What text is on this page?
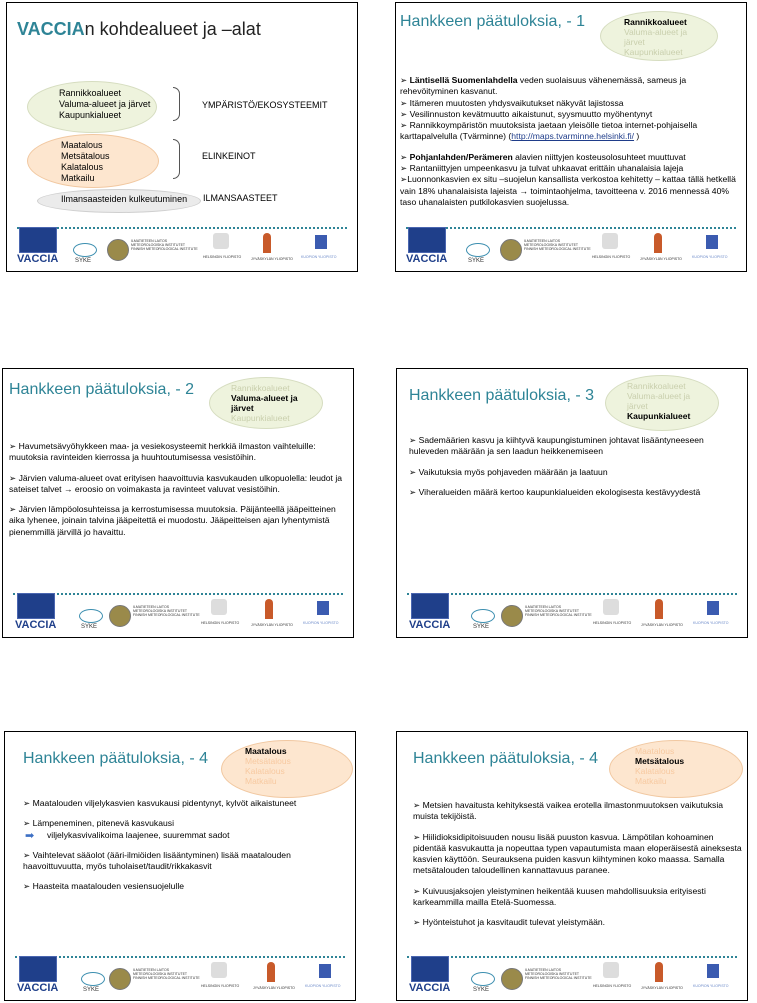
VACCIAn kohdealueet ja –alat
Rannikkoalueet
Valuma-alueet ja järvet
Kaupunkialueet
YMPÄRISTÖ/EKOSYSTEEMIT
Maatalous
Metsätalous
Kalatalous
Matkailu
ELINKEINOT
Ilmansaasteiden kulkeutuminen ILMANSAASTEET
VACCIA	SYKE
ILMATIETEEN LAITOS
METEOROLOGISKA INSTITUTET
FINNISH METEOROLOGICAL INSTITUTE
HELSINGIN YLIOPISTO	JYVÄSKYLÄN YLIOPISTO KUOPION YLIOPISTO
Hankkeen päätuloksia, - 1	Rannikkoalueet
Valuma-alueet ja
järvet
Kaupunkialueet

➢ Läntisellä Suomenlahdella veden suolaisuus vähenemässä, sameus ja rehevöityminen kasvanut.

➢ Itämeren muutosten yhdysvaikutukset näkyvät lajistossa

➢ Vesilinnuston kevätmuutto aikaistunut, syysmuutto myöhentynyt

➢ Rannikkoympäristön muutoksista jaetaan yleisölle tietoa internet-pohjaisella karttapalvelulla (Tvärminne) (http://maps.tvarminne.helsinki.fi/ )

➢ Pohjanlahden/Perämeren alavien niittyjen kosteusolosuhteet muuttuvat

➢ Rantaniittyjen umpeenkasvu ja tulvat uhkaavat erittäin uhanalaisia lajeja

➢Luonnonkasvien ex situ –suojelun kansallista verkostoa kehitetty – kattaa tällä hetkellä vain 18% uhanalaisista lajeista → toimintaohjelma, tavoitteena v. 2016 mennessä 40% taso uhanalaisten putkilokasvien suojelussa.

VACCIA	SYKE
ILMATIETEEN LAITOS
METEOROLOGISKA INSTITUTET
FINNISH METEOROLOGICAL INSTITUTE
HELSINGIN YLIOPISTO	JYVÄSKYLÄN YLIOPISTO	KUOPION YLIOPISTO
Hankkeen päätuloksia, - 2	Rannikkoalueet
Valuma-alueet ja
järvet
Kaupunkialueet

➢ Havumetsävyöhykkeen maa- ja vesiekosysteemit herkkiä ilmaston vaihteluille: muutoksia ravinteiden kierrossa ja huuhtoutumisessa vesistöihin.

➢ Järvien valuma-alueet ovat erityisen haavoittuvia kasvukauden ulkopuolella: leudot ja sateiset talvet → eroosio on voimakasta ja ravinteet valuvat vesistöihin.

➢ Järvien lämpöolosuhteissa ja kerrostumisessa muutoksia. Päijänteellä jääpeitteinen aika lyhenee, joinain talvina jääpeitettä ei muodostu. Jääpeitteisen ajan lyhentymistä pienemmillä järvillä jo havaittu.

VACCIA	SYKE
ILMATIETEEN LAITOS
METEOROLOGISKA INSTITUTET
FINNISH METEOROLOGICAL INSTITUTE
HELSINGIN YLIOPISTO	JYVÄSKYLÄN YLIOPISTO	KUOPION YLIOPISTO
Hankkeen päätuloksia, - 3
Rannikkoalueet
Valuma-alueet ja
järvet
Kaupunkialueet

➢ Sademäärien kasvu ja kiihtyvä kaupungistuminen johtavat lisääntyneeseen huleveden määrään ja sen laadun heikkenemiseen

➢ Vaikutuksia myös pohjaveden määrään ja laatuun

➢ Viheralueiden määrä kertoo kaupunkialueiden ekologisesta kestävyydestä

VACCIA	SYKE
ILMATIETEEN LAITOS
METEOROLOGISKA INSTITUTET
FINNISH METEOROLOGICAL INSTITUTE
HELSINGIN YLIOPISTO	JYVÄSKYLÄN YLIOPISTO	KUOPION YLIOPISTO
Hankkeen päätuloksia, - 4	Maatalous
Metsätalous
Kalatalous
Matkailu

➢ Maatalouden viljelykasvien kasvukausi pidentynyt, kylvöt aikaistuneet

➢ Lämpeneminen, pitenevä kasvukausi

➡ viljelykasvivalikoima laajenee, suuremmat sadot

➢ Vaihtelevat sääolot (ääri-ilmiöiden lisääntyminen) lisää maatalouden haavoittuvuutta, myös tuholaiset/taudit/rikkakasvit

➢ Haasteita maatalouden vesiensuojelulle

VACCIA	SYKE
ILMATIETEEN LAITOS
METEOROLOGISKA INSTITUTET
FINNISH METEOROLOGICAL INSTITUTE
HELSINGIN YLIOPISTO	JYVÄSKYLÄN YLIOPISTO	KUOPION YLIOPISTO
Hankkeen päätuloksia, - 4	Maatalous
Metsätalous
Kalatalous
Matkailu

➢ Metsien havaitusta kehityksestä vaikea erotella ilmastonmuutoksen vaikutuksia muista tekijöistä.

➢ Hiilidioksidipitoisuuden nousu lisää puuston kasvua. Lämpötilan kohoaminen pidentää kasvukautta ja nopeuttaa typen vapautumista maan eloperäisestä aineksesta kasvien käyttöön. Seurauksena puiden kasvun kiihtyminen koko maassa. Samalla metsätalouden taloudellinen kannattavuus paranee.

➢ Kuivuusjaksojen yleistyminen heikentää kuusen mahdollisuuksia erityisesti karkeammilla mailla Etelä-Suomessa.

➢ Hyönteistuhot ja kasvitaudit tulevat yleistymään.

VACCIA	SYKE
ILMATIETEEN LAITOS
METEOROLOGISKA INSTITUTET
FINNISH METEOROLOGICAL INSTITUTE
HELSINGIN YLIOPISTO	JYVÄSKYLÄN YLIOPISTO	KUOPION YLIOPISTO
